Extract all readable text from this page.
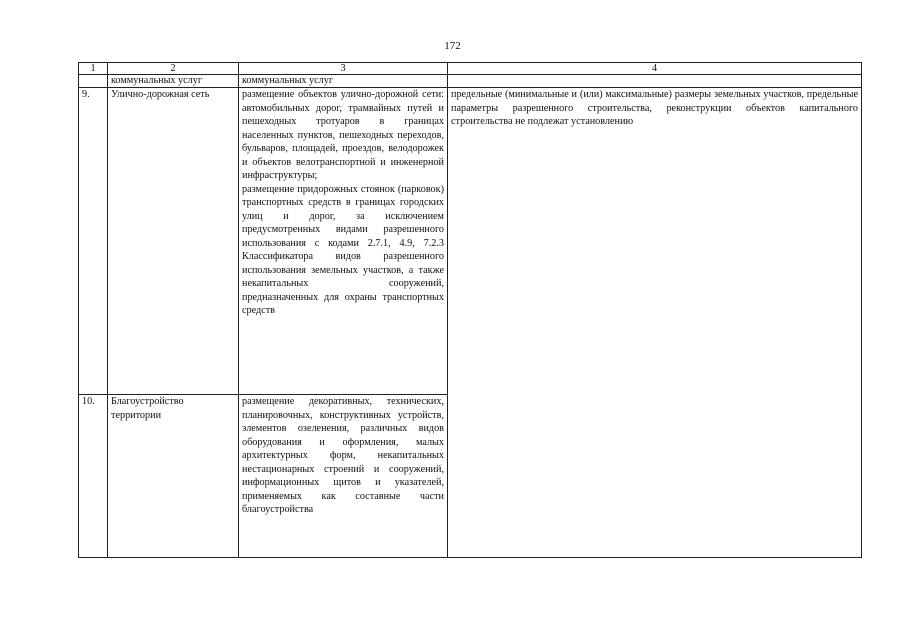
172
1	2	3	4
	коммунальных услуг	коммунальных услуг	
9.	Улично-дорожная сеть	размещение объектов улично-дорожной сети: автомобильных дорог, трамвайных путей и пешеходных тротуаров в границах населенных пунктов, пешеходных переходов, бульваров, площадей, проездов, велодорожек и объектов велотранспортной и инженерной инфраструктуры;
размещение придорожных стоянок (парковок) транспортных средств в границах городских улиц и дорог, за исключением предусмотренных видами разрешенного использования с кодами 2.7.1, 4.9, 7.2.3 Классификатора видов разрешенного использования земельных участков, а также некапитальных сооружений, предназначенных для охраны транспортных средств	предельные (минимальные и (или) максимальные) размеры земельных участков, предельные параметры разрешенного строительства, реконструкции объектов капитального строительства не подлежат установлению
10.	Благоустройство территории	размещение декоративных, технических, планировочных, конструктивных устройств, элементов озеленения, различных видов оборудования и оформления, малых архитектурных форм, некапитальных нестационарных строений и сооружений, информационных щитов и указателей, применяемых как составные части благоустройства	
